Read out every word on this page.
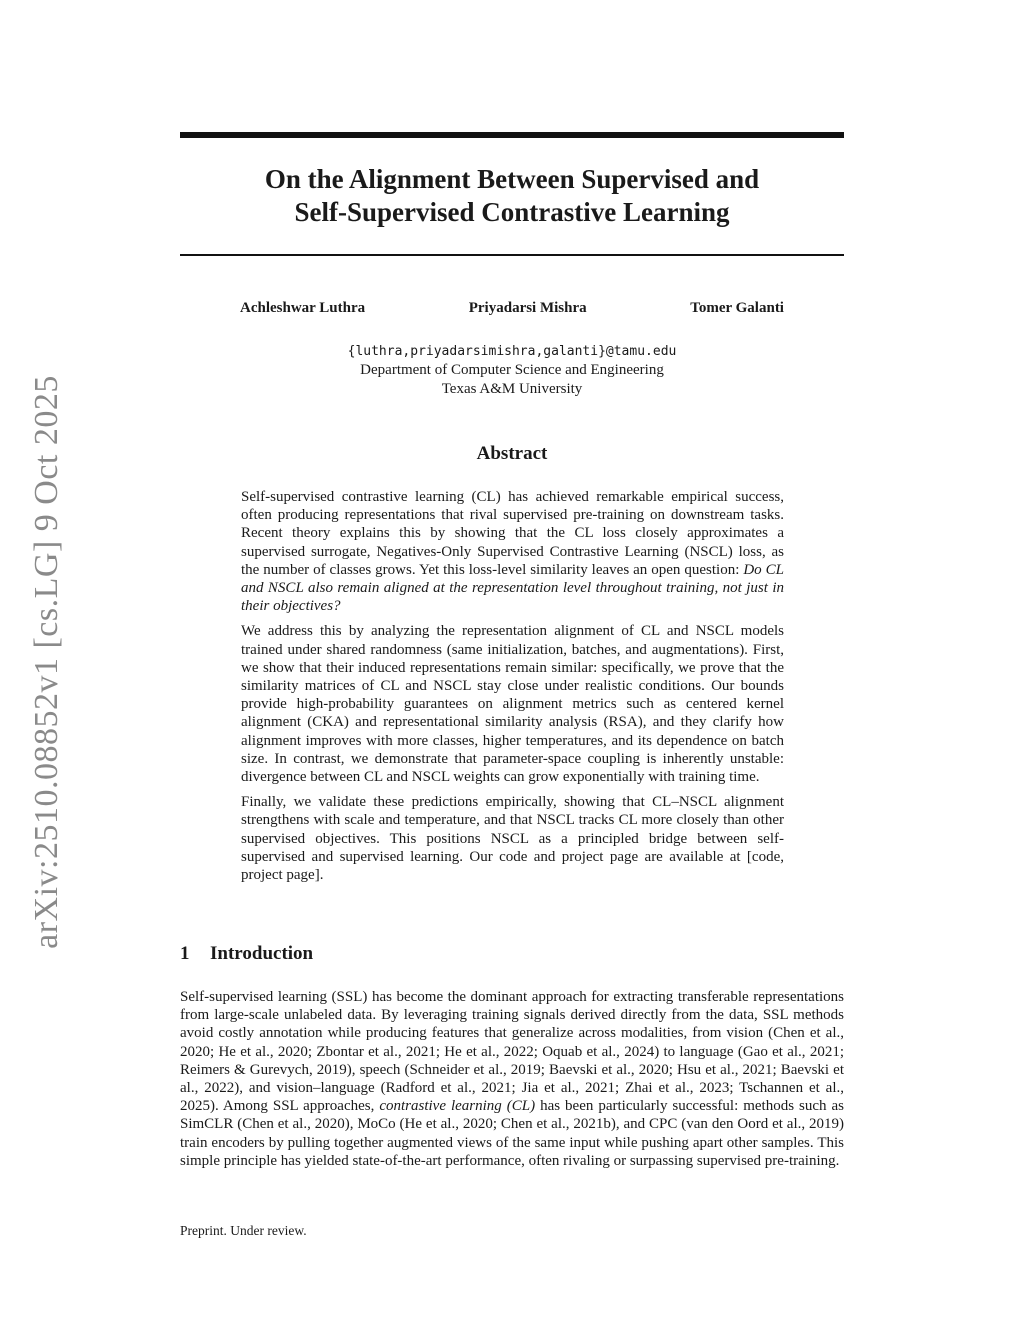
arXiv:2510.08852v1 [cs.LG] 9 Oct 2025
On the Alignment Between Supervised and
Self-Supervised Contrastive Learning
Achleshwar Luthra	Priyadarsi Mishra	Tomer Galanti
{luthra,priyadarsimishra,galanti}@tamu.edu
Department of Computer Science and Engineering
Texas A&M University
Abstract

Self-supervised contrastive learning (CL) has achieved remarkable empirical success, often producing representations that rival supervised pre-training on downstream tasks. Recent theory explains this by showing that the CL loss closely approximates a supervised surrogate, Negatives-Only Supervised Contrastive Learning (NSCL) loss, as the number of classes grows. Yet this loss-level similarity leaves an open question: Do CL and NSCL also remain aligned at the representation level throughout training, not just in their objectives?

We address this by analyzing the representation alignment of CL and NSCL models trained under shared randomness (same initialization, batches, and augmentations). First, we show that their induced representations remain similar: specifically, we prove that the similarity matrices of CL and NSCL stay close under realistic conditions. Our bounds provide high-probability guarantees on alignment metrics such as centered kernel alignment (CKA) and representational similarity analysis (RSA), and they clarify how alignment improves with more classes, higher temperatures, and its dependence on batch size. In contrast, we demonstrate that parameter-space coupling is inherently unstable: divergence between CL and NSCL weights can grow exponentially with training time.

Finally, we validate these predictions empirically, showing that CL–NSCL alignment strengthens with scale and temperature, and that NSCL tracks CL more closely than other supervised objectives. This positions NSCL as a principled bridge between self-supervised and supervised learning. Our code and project page are available at [code, project page].

1 Introduction

Self-supervised learning (SSL) has become the dominant approach for extracting transferable representations from large-scale unlabeled data. By leveraging training signals derived directly from the data, SSL methods avoid costly annotation while producing features that generalize across modalities, from vision (Chen et al., 2020; He et al., 2020; Zbontar et al., 2021; He et al., 2022; Oquab et al., 2024) to language (Gao et al., 2021; Reimers & Gurevych, 2019), speech (Schneider et al., 2019; Baevski et al., 2020; Hsu et al., 2021; Baevski et al., 2022), and vision–language (Radford et al., 2021; Jia et al., 2021; Zhai et al., 2023; Tschannen et al., 2025). Among SSL approaches, contrastive learning (CL) has been particularly successful: methods such as SimCLR (Chen et al., 2020), MoCo (He et al., 2020; Chen et al., 2021b), and CPC (van den Oord et al., 2019) train encoders by pulling together augmented views of the same input while pushing apart other samples. This simple principle has yielded state-of-the-art performance, often rivaling or surpassing supervised pre-training.

Preprint. Under review.
